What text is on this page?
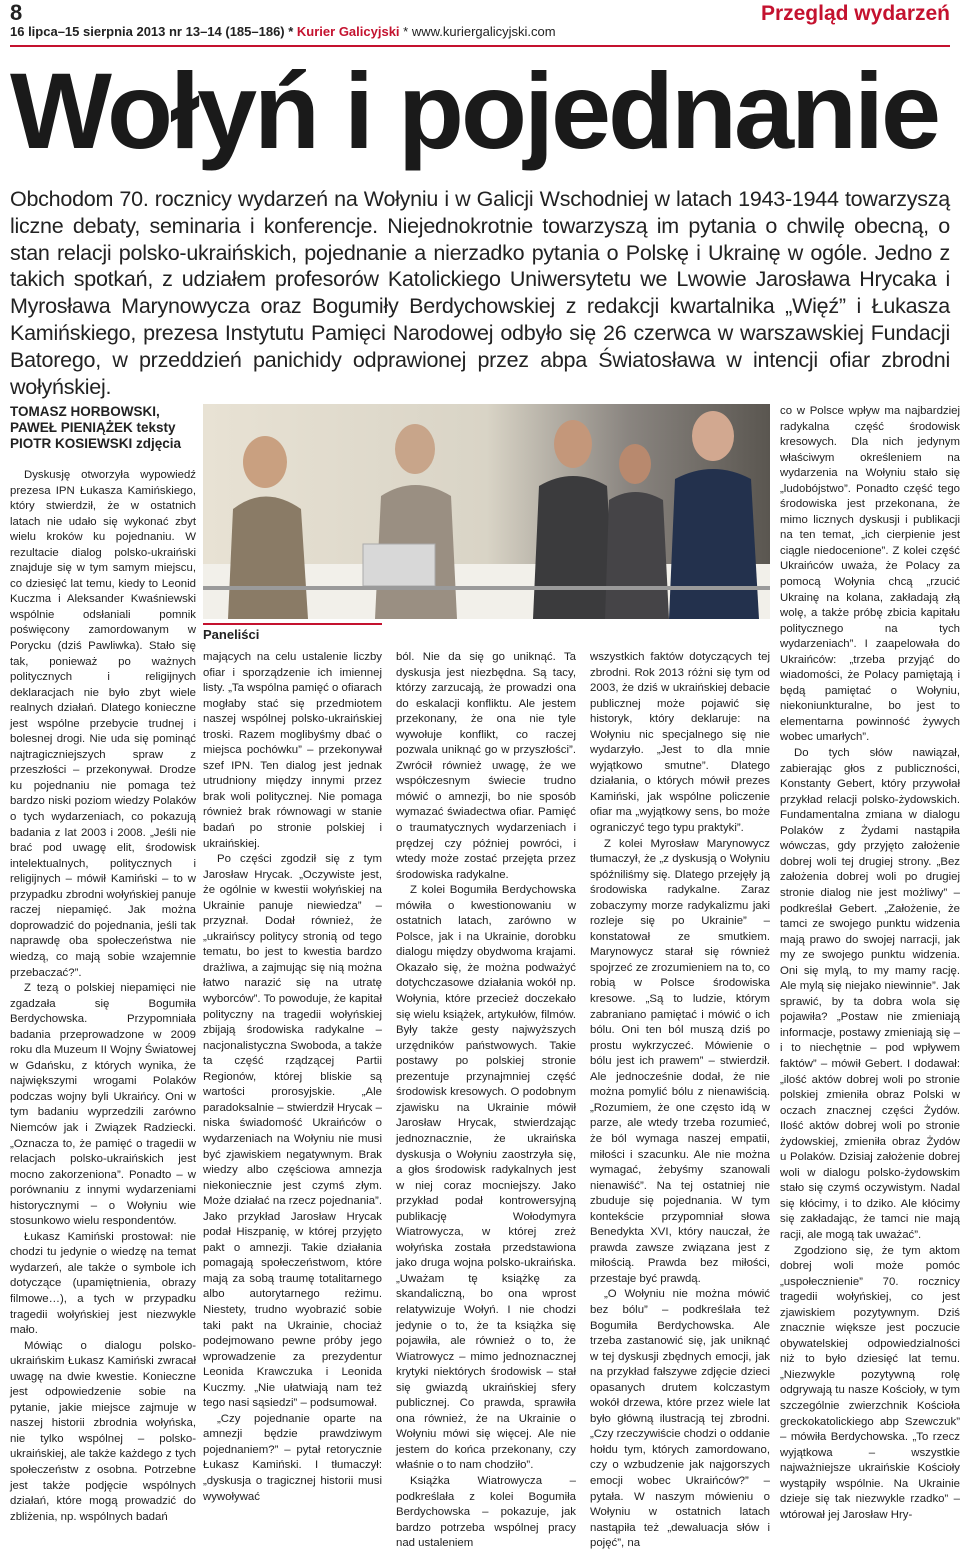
8
16 lipca–15 sierpnia 2013 nr 13–14 (185–186) * Kurier Galicyjski * www.kuriergalicyjski.com
Przegląd wydarzeń
Wołyń i pojednanie
Obchodom 70. rocznicy wydarzeń na Wołyniu i w Galicji Wschodniej w latach 1943-1944 towarzyszą liczne debaty, seminaria i konferencje. Niejednokrotnie towarzyszą im pytania o chwilę obecną, o stan relacji polsko-ukraińskich, pojednanie a nierzadko pytania o Polskę i Ukrainę w ogóle. Jedno z takich spotkań, z udziałem profesorów Katolickiego Uniwersytetu we Lwowie Jarosława Hrycaka i Myrosława Marynowycza oraz Bogumiły Berdychowskiej z redakcji kwartalnika „Więź” i Łukasza Kamińskiego, prezesa Instytutu Pamięci Narodowej odbyło się 26 czerwca w warszawskiej Fundacji Batorego, w przeddzień panichidy odprawionej przez abpa Światosława w intencji ofiar zbrodni wołyńskiej.
TOMASZ HORBOWSKI,
PAWEŁ PIENIĄŻEK teksty
PIOTR KOSIEWSKI zdjęcia
Paneliści

Dyskusję otworzyła wypowiedź prezesa IPN Łukasza Kamińskiego, który stwierdził, że w ostatnich latach nie udało się wykonać zbyt wielu kroków ku pojednaniu. W rezultacie dialog polsko-ukraiński znajduje się w tym samym miejscu, co dziesięć lat temu, kiedy to Leonid Kuczma i Aleksander Kwaśniewski wspólnie odsłaniali pomnik poświęcony zamordowanym w Porycku (dziś Pawliwka). Stało się tak, ponieważ po ważnych politycznych i religijnych deklaracjach nie było zbyt wiele realnych działań. Dlatego konieczne jest wspólne przebycie trudnej i bolesnej drogi. Nie uda się pominąć najtragiczniejszych spraw z przeszłości – przekonywał. Drodze ku pojednaniu nie pomaga też bardzo niski poziom wiedzy Polaków o tych wydarzeniach, co pokazują badania z lat 2003 i 2008. „Jeśli nie brać pod uwagę elit, środowisk intelektualnych, politycznych i religijnych – mówił Kamiński – to w przypadku zbrodni wołyńskiej panuje raczej niepamięć. Jak można doprowadzić do pojednania, jeśli tak naprawdę oba społeczeństwa nie wiedzą, co mają sobie wzajemnie przebaczać?”.

Z tezą o polskiej niepamięci nie zgadzała się Bogumiła Berdychowska. Przypomniała badania przeprowadzone w 2009 roku dla Muzeum II Wojny Światowej w Gdańsku, z których wynika, że największymi wrogami Polaków podczas wojny byli Ukraińcy. Oni w tym badaniu wyprzedzili zarówno Niemców jak i Związek Radziecki. „Oznacza to, że pamięć o tragedii w relacjach polsko-ukraińskich jest mocno zakorzeniona”. Ponadto – w porównaniu z innymi wydarzeniami historycznymi – o Wołyniu wie stosunkowo wielu respondentów.

Łukasz Kamiński prostował: nie chodzi tu jedynie o wiedzę na temat wydarzeń, ale także o symbole ich dotyczące (upamiętnienia, obrazy filmowe…), a tych w przypadku tragedii wołyńskiej jest niezwykle mało.

Mówiąc o dialogu polsko-ukraińskim Łukasz Kamiński zwracał uwagę na dwie kwestie. Konieczne jest odpowiedzenie sobie na pytanie, jakie miejsce zajmuje w naszej historii zbrodnia wołyńska, nie tylko wspólnej – polsko-ukraińskiej, ale także każdego z tych społeczeństw z osobna. Potrzebne jest także podjęcie wspólnych działań, które mogą prowadzić do zbliżenia, np. wspólnych badań

mających na celu ustalenie liczby ofiar i sporządzenie ich imiennej listy. „Ta wspólna pamięć o ofiarach mogłaby stać się przedmiotem naszej wspólnej polsko-ukraińskiej troski. Razem moglibyśmy dbać o miejsca pochówku” – przekonywał szef IPN. Ten dialog jest jednak utrudniony między innymi przez brak woli politycznej. Nie pomaga również brak równowagi w stanie badań po stronie polskiej i ukraińskiej.

Po części zgodził się z tym Jarosław Hrycak. „Oczywiste jest, że ogólnie w kwestii wołyńskiej na Ukrainie panuje niewiedza” – przyznał. Dodał również, że „ukraińscy politycy stronią od tego tematu, bo jest to kwestia bardzo drażliwa, a zajmując się nią można łatwo narazić się na utratę wyborców”. To powoduje, że kapitał polityczny na tragedii wołyńskiej zbijają środowiska radykalne – nacjonalistyczna Swoboda, a także ta część rządzącej Partii Regionów, której bliskie są wartości prorosyjskie. „Ale paradoksalnie – stwierdził Hrycak – niska świadomość Ukraińców o wydarzeniach na Wołyniu nie musi być zjawiskiem negatywnym. Brak wiedzy albo częściowa amnezja niekoniecznie jest czymś złym. Może działać na rzecz pojednania”. Jako przykład Jarosław Hrycak podał Hiszpanię, w której przyjęto pakt o amnezji. Takie działania pomagają społeczeństwom, które mają za sobą traumę totalitarnego albo autorytarnego reżimu. Niestety, trudno wyobrazić sobie taki pakt na Ukrainie, chociaż podejmowano pewne próby jego wprowadzenie za prezydentur Leonida Krawczuka i Leonida Kuczmy. „Nie ułatwiają nam też tego nasi sąsiedzi” – podsumował.

„Czy pojednanie oparte na amnezji będzie prawdziwym pojednaniem?” – pytał retorycznie Łukasz Kamiński. I tłumaczył: „dyskusja o tragicznej historii musi wywoływać

ból. Nie da się go uniknąć. Ta dyskusja jest niezbędna. Są tacy, którzy zarzucają, że prowadzi ona do eskalacji konfliktu. Ale jestem przekonany, że ona nie tyle wywołuje konflikt, co raczej pozwala uniknąć go w przyszłości”. Zwrócił również uwagę, że we współczesnym świecie trudno mówić o amnezji, bo nie sposób wymazać świadectwa ofiar. Pamięć o traumatycznych wydarzeniach i prędzej czy później powróci, i wtedy może zostać przejęta przez środowiska radykalne.

Z kolei Bogumiła Berdychowska mówiła o kwestionowaniu w ostatnich latach, zarówno w Polsce, jak i na Ukrainie, dorobku dialogu między obydwoma krajami. Okazało się, że można podważyć dotychczasowe działania wokół np. Wołynia, które przecież doczekało się wielu książek, artykułów, filmów. Były także gesty najwyższych urzędników państwowych. Takie postawy po polskiej stronie prezentuje przynajmniej część środowisk kresowych. O podobnym zjawisku na Ukrainie mówił Jarosław Hrycak, stwierdzając jednoznacznie, że ukraińska dyskusja o Wołyniu zaostrzyła się, a głos środowisk radykalnych jest w niej coraz mocniejszy. Jako przykład podał kontrowersyjną publikację Wołodymyra Wiatrowycza, w której zreż wołyńska została przedstawiona jako druga wojna polsko-ukraińska. „Uważam tę książkę za skandaliczną, bo ona wprost relatywizuje Wołyń. I nie chodzi jedynie o to, że ta książka się pojawiła, ale również o to, że Wiatrowycz – mimo jednoznacznej krytyki niektórych środowisk – stał się gwiazdą ukraińskiej sfery publicznej. Co prawda, sprawiła ona również, że na Ukrainie o Wołyniu mówi się więcej. Ale nie jestem do końca przekonany, czy właśnie o to nam chodziło”.

Książka Wiatrowycza – podkreślała z kolei Bogumiła Berdychowska – pokazuje, jak bardzo potrzeba wspólnej pracy nad ustaleniem

wszystkich faktów dotyczących tej zbrodni. Rok 2013 różni się tym od 2003, że dziś w ukraińskiej debacie publicznej może pojawić się historyk, który deklaruje: na Wołyniu nic specjalnego się nie wydarzyło. „Jest to dla mnie wyjątkowo smutne”. Dlatego działania, o których mówił prezes Kamiński, jak wspólne policzenie ofiar ma „wyjątkowy sens, bo może ograniczyć tego typu praktyki”.

Z kolei Myrosław Marynowycz tłumaczył, że „z dyskusją o Wołyniu spóźniliśmy się. Dlatego przejęły ją środowiska radykalne. Zaraz zobaczymy morze radykalizmu jaki rozleje się po Ukrainie” – konstatował ze smutkiem. Marynowycz starał się również spojrzeć ze zrozumieniem na to, co robią w Polsce środowiska kresowe. „Są to ludzie, którym zabraniano pamiętać i mówić o ich bólu. Oni ten ból muszą dziś po prostu wykrzyczeć. Mówienie o bólu jest ich prawem” – stwierdził. Ale jednocześnie dodał, że nie można pomylić bólu z nienawiścią. „Rozumiem, że one często idą w parze, ale wtedy trzeba rozumieć, że ból wymaga naszej empatii, miłości i szacunku. Ale nie można wymagać, żebyśmy szanowali nienawiść”. Na tej ostatniej nie zbuduje się pojednania. W tym kontekście przypomniał słowa Benedykta XVI, który nauczał, że prawda zawsze związana jest z miłością. Prawda bez miłości, przestaje być prawdą.

„O Wołyniu nie można mówić bez bólu” – podkreślała też Bogumiła Berdychowska. Ale trzeba zastanowić się, jak uniknąć w tej dyskusji zbędnych emocji, jak na przykład fałszywe zdjęcie dzieci opasanych drutem kolczastym wokół drzewa, które przez wiele lat było główną ilustracją tej zbrodni. „Czy rzeczywiście chodzi o oddanie hołdu tym, których zamordowano, czy o wzbudzenie jak najgorszych emocji wobec Ukraińców?” – pytała. W naszym mówieniu o Wołyniu w ostatnich latach nastąpiła też „dewaluacja słów i pojęć”, na

co w Polsce wpływ ma najbardziej radykalna część środowisk kresowych. Dla nich jedynym właściwym określeniem na wydarzenia na Wołyniu stało się „ludobójstwo”. Ponadto część tego środowiska jest przekonana, że mimo licznych dyskusji i publikacji na ten temat, „ich cierpienie jest ciągle niedocenione”. Z kolei część Ukraińców uważa, że Polacy za pomocą Wołynia chcą „rzucić Ukrainę na kolana, zakładają złą wolę, a także próbę zbicia kapitału politycznego na tych wydarzeniach”. I zaapelowała do Ukraińców: „trzeba przyjąć do wiadomości, że Polacy pamiętają i będą pamiętać o Wołyniu, niekoniunkturalne, bo jest to elementarna powinność żywych wobec umarłych”.

Do tych słów nawiązał, zabierając głos z publiczności, Konstanty Gebert, który przywołał przykład relacji polsko-żydowskich. Fundamentalna zmiana w dialogu Polaków z Żydami nastąpiła wówczas, gdy przyjęto założenie dobrej woli tej drugiej strony. „Bez założenia dobrej woli po drugiej stronie dialog nie jest możliwy” – podkreślał Gebert. „Założenie, że tamci ze swojego punktu widzenia mają prawo do swojej narracji, jak my ze swojego punktu widzenia. Oni się mylą, to my mamy rację. Ale mylą się niejako niewinnie”. Jak sprawić, by ta dobra wola się pojawiła? „Postaw nie zmieniają informacje, postawy zmieniają się – i to niechętnie – pod wpływem faktów” – mówił Gebert. I dodawał: „ilość aktów dobrej woli po stronie polskiej zmieniła obraz Polski w oczach znacznej części Żydów. Ilość aktów dobrej woli po stronie żydowskiej, zmieniła obraz Żydów u Polaków. Dzisiaj założenie dobrej woli w dialogu polsko-żydowskim stało się czymś oczywistym. Nadal się kłócimy, i to dziko. Ale kłócimy się zakładając, że tamci nie mają racji, ale mogą tak uważać”.

Zgodziono się, że tym aktom dobrej woli może pomóc „uspołecznienie” 70. rocznicy tragedii wołyńskiej, co jest zjawiskiem pozytywnym. Dziś znacznie większe jest poczucie obywatelskiej odpowiedzialności niż to było dziesięć lat temu. „Niezwykle pozytywną rolę odgrywają tu nasze Kościoły, w tym szczególnie zwierzchnik Kościoła greckokatolickiego abp Szewczuk” – mówiła Berdychowska. „To rzecz wyjątkowa – wszystkie najważniejsze ukraińskie Kościoły wystąpiły wspólnie. Na Ukrainie dzieje się tak niezwykle rzadko” – wtórował jej Jarosław Hry-
